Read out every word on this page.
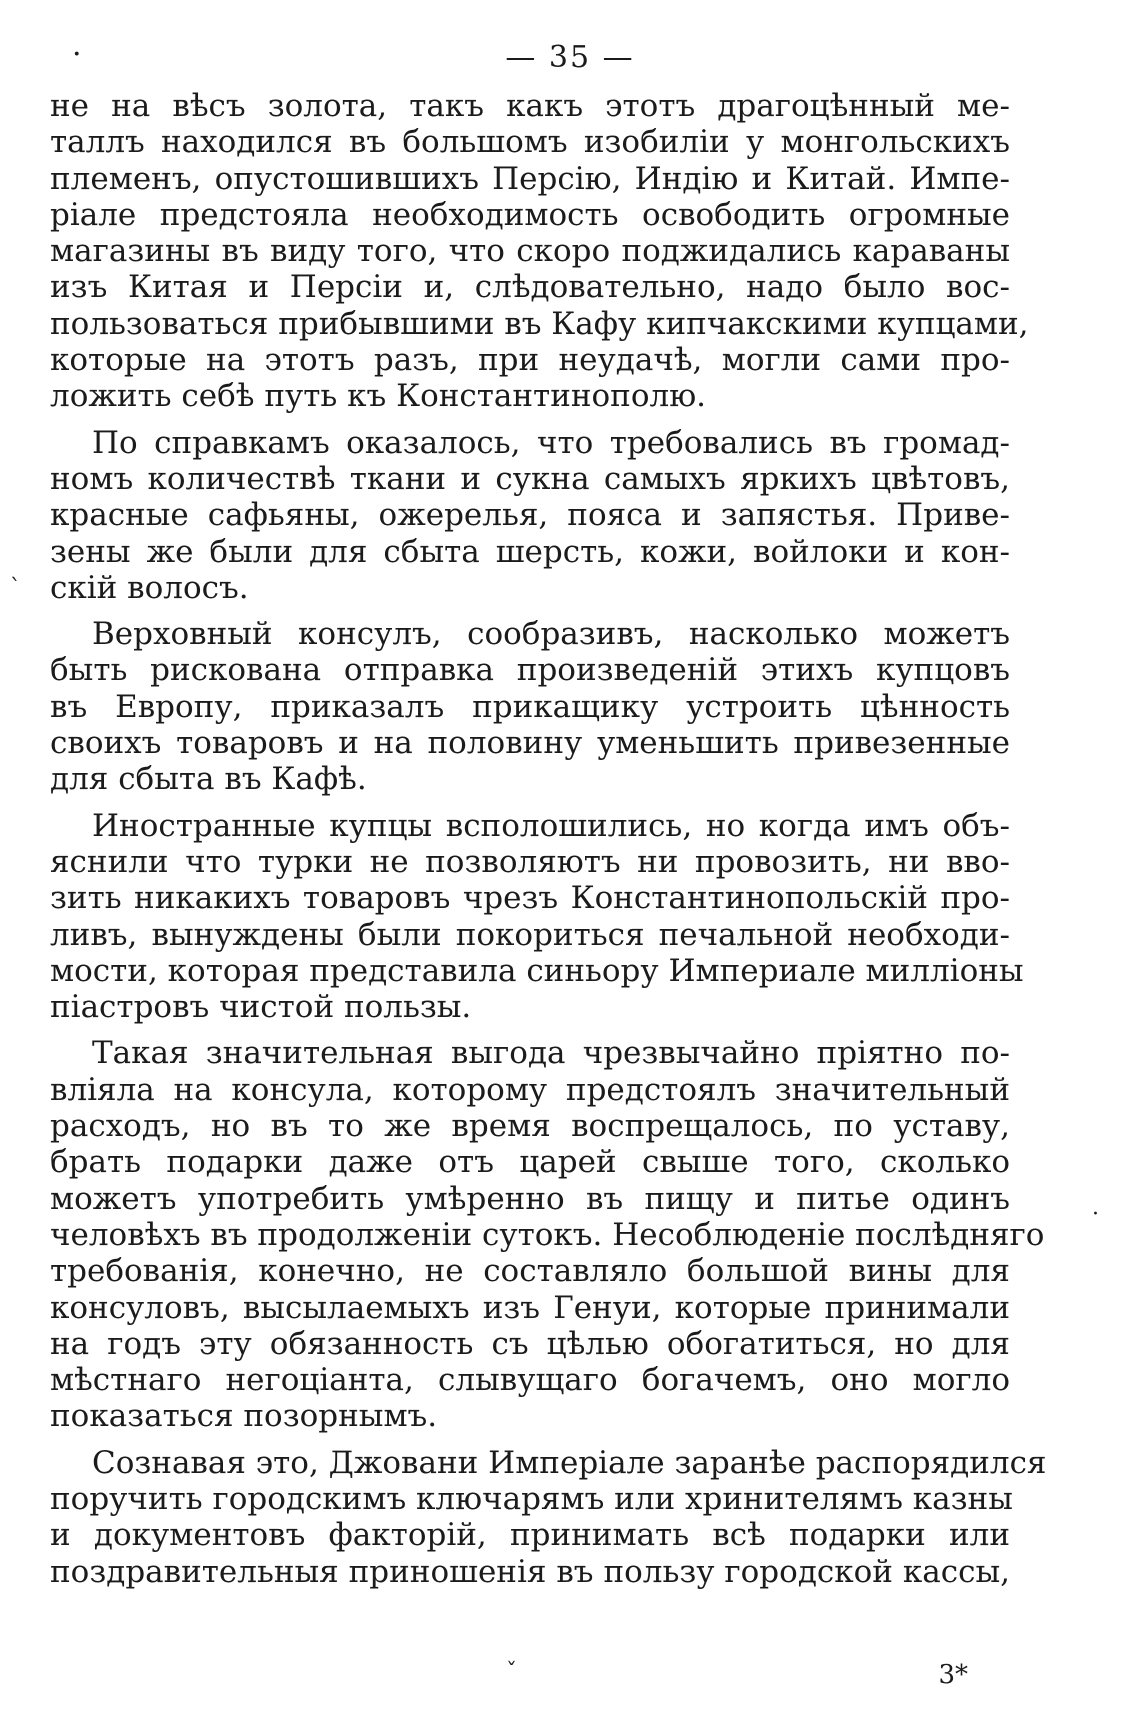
·	— 35 —
не на вѣсъ золота, такъ какъ этотъ драгоцѣнный ме-
таллъ находился въ большомъ изобиліи у монгольскихъ
племенъ, опустошившихъ Персію, Индію и Китай. Импе-
ріале предстояла необходимость освободить огромные
магазины въ виду того, что скоро поджидались караваны
изъ Китая и Персіи и, слѣдовательно, надо было вос-
пользоваться прибывшими въ Кафу кипчакскими купцами,
которые на этотъ разъ, при неудачѣ, могли сами про-
ложить себѣ путь къ Константинополю.
По справкамъ оказалось, что требовались въ громад-
номъ количествѣ ткани и сукна самыхъ яркихъ цвѣтовъ,
красные сафьяны, ожерелья, пояса и запястья. Приве-
зены же были для сбыта шерсть, кожи, войлоки и кон-
скій волосъ.
Верховный консулъ, сообразивъ, насколько можетъ
быть рискована отправка произведеній этихъ купцовъ
въ Европу, приказалъ прикащику устроить цѣнность
своихъ товаровъ и на половину уменьшить привезенные
для сбыта въ Кафѣ.
Иностранные купцы всполошились, но когда имъ объ-
яснили что турки не позволяютъ ни провозить, ни вво-
зить никакихъ товаровъ чрезъ Константинопольскій про-
ливъ, вынуждены были покориться печальной необходи-
мости, которая представила синьору Империале милліоны
піастровъ чистой пользы.
Такая значительная выгода чрезвычайно пріятно по-
вліяла на консула, которому предстоялъ значительный
расходъ, но въ то же время воспрещалось, по уставу,
брать подарки даже отъ царей свыше того, сколько
можетъ употребить умѣренно въ пищу и питье одинъ
человѣхъ въ продолженіи сутокъ. Несоблюденіе послѣдняго
требованія, конечно, не составляло большой вины для
консуловъ, высылаемыхъ изъ Генуи, которые принимали
на годъ эту обязанность съ цѣлью обогатиться, но для
мѣстнаго негоціанта, слывущаго богачемъ, оно могло
показаться позорнымъ.
Сознавая это, Джовани Имперіале заранѣе распорядился
поручить городскимъ ключарямъ или хринителямъ казны
и документовъ факторій, принимать всѣ подарки или
поздравительныя приношенія въ пользу городской кассы,
`
·
ˇ	3*
